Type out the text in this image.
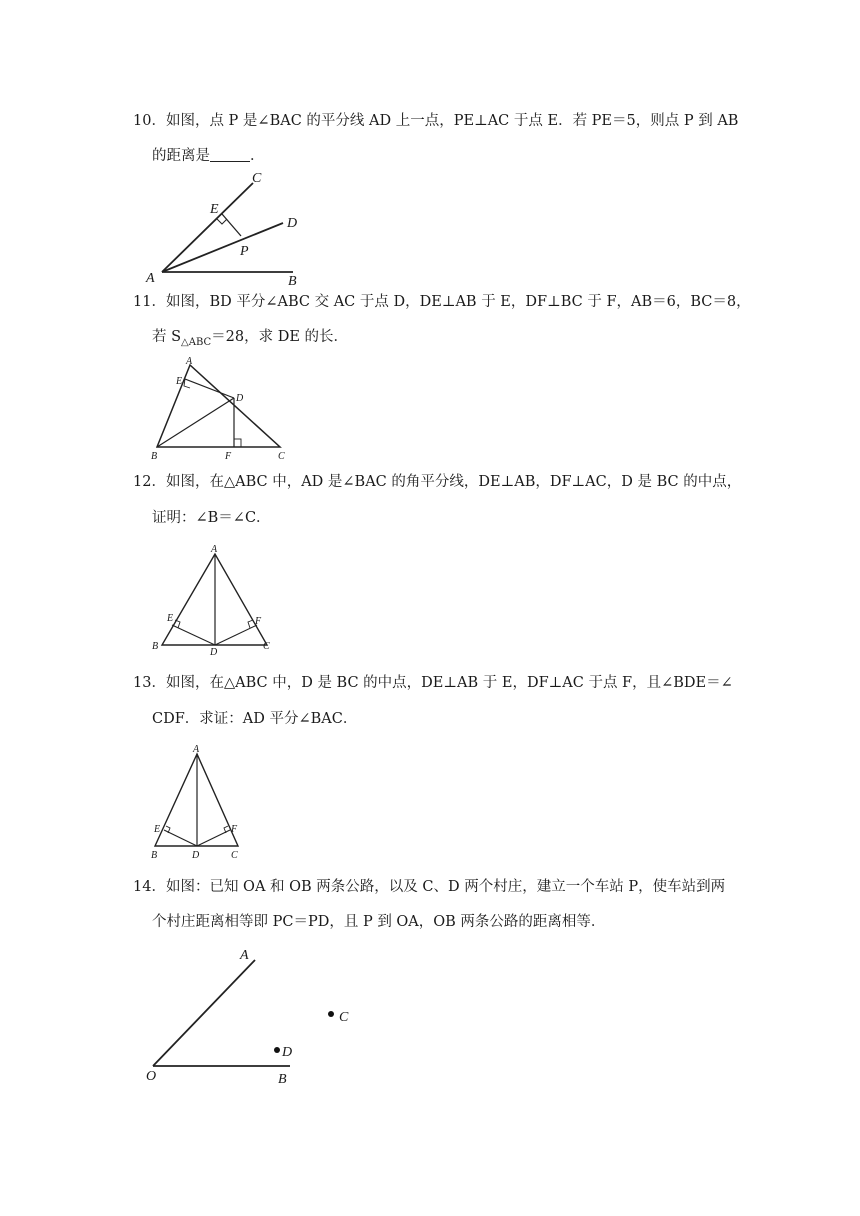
10．如图，点 P 是∠BAC 的平分线 AD 上一点，PE⊥AC 于点 E．若 PE＝5，则点 P 到 AB
的距离是	．
C
E
D
P
A	B
11．如图，BD 平分∠ABC 交 AC 于点 D，DE⊥AB 于 E，DF⊥BC 于 F，AB＝6，BC＝8，
若 $S_{\triangle ABC}=28$，求 DE 的长．
A
E
D
B	F	C
12．如图，在△ABC 中，AD 是∠BAC 的角平分线，DE⊥AB，DF⊥AC，D 是 BC 的中点，
证明：∠B＝∠C．
A
E	F
B
D
C
13．如图，在△ABC 中，D 是 BC 的中点，DE⊥AB 于 E，DF⊥AC 于点 F，且∠BDE＝∠
CDF．求证：AD 平分∠BAC．
A
E	F
B	D	C
14．如图：已知 OA 和 OB 两条公路，以及 C、D 两个村庄，建立一个车站 P，使车站到两
个村庄距离相等即 PC＝PD，且 P 到 OA，OB 两条公路的距离相等．
A
C
D
O	B
